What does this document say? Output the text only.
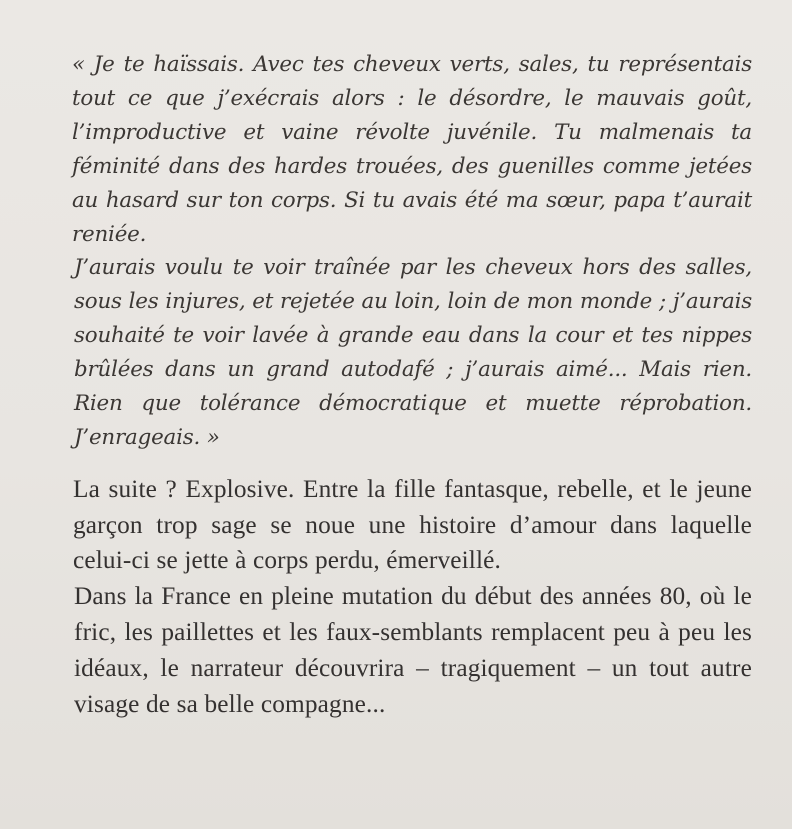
« Je te haïssais. Avec tes cheveux verts, sales, tu représentais tout ce que j’exécrais alors : le désordre, le mauvais goût, l’improductive et vaine révolte juvénile. Tu malmenais ta féminité dans des hardes trouées, des guenilles comme jetées au hasard sur ton corps. Si tu avais été ma sœur, papa t’aurait reniée.

J’aurais voulu te voir traînée par les cheveux hors des salles, sous les injures, et rejetée au loin, loin de mon monde ; j’aurais souhaité te voir lavée à grande eau dans la cour et tes nippes brûlées dans un grand autodafé ; j’aurais aimé... Mais rien. Rien que tolérance démocratique et muette réprobation. J’enrageais. »

La suite ? Explosive. Entre la fille fantasque, rebelle, et le jeune garçon trop sage se noue une histoire d’amour dans laquelle celui-ci se jette à corps perdu, émerveillé.

Dans la France en pleine mutation du début des années 80, où le fric, les paillettes et les faux-semblants remplacent peu à peu les idéaux, le narrateur découvrira – tragiquement – un tout autre visage de sa belle compagne...
